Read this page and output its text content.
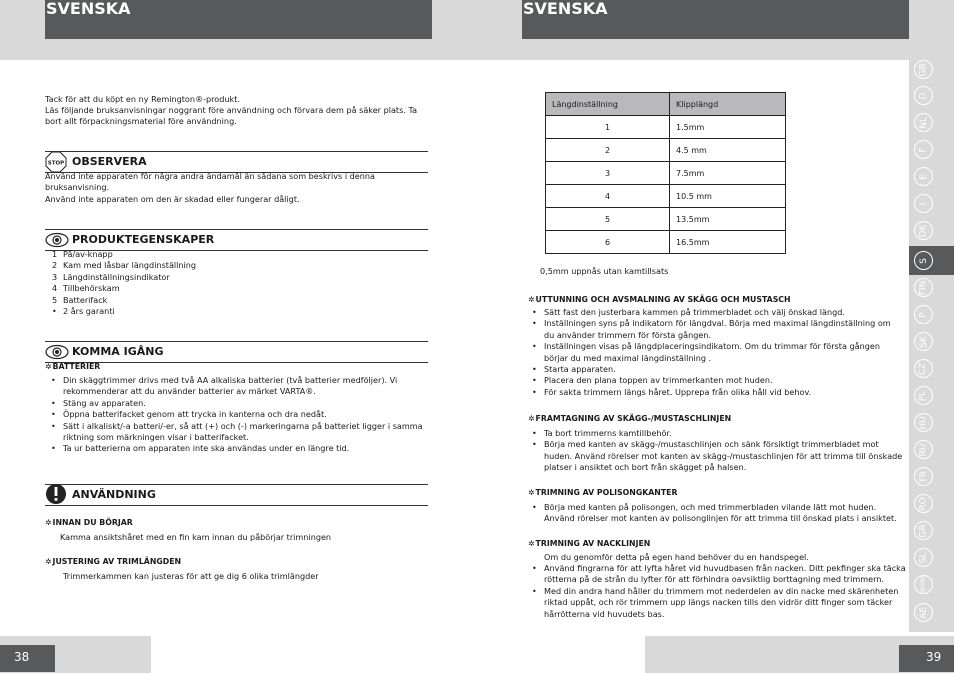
SVENSKA	SVENSKA
Tack för att du köpt en ny Remington®-produkt.
Läs följande bruksanvisningar noggrant före användning och förvara dem på säker plats. Ta
bort allt förpackningsmaterial före användning.
STOP OBSERVERA
Använd inte apparaten för några andra ändamål än sådana som beskrivs i denna
bruksanvisning.
Använd inte apparaten om den är skadad eller fungerar dåligt.
PRODUKTEGENSKAPER
1 På/av-knapp
2 Kam med låsbar längdinställning
3 Längdinställningsindikator
4 Tillbehörskam
5 Batterifack
• 2 års garanti
KOMMA IGÅNG
✲BATTERIER
• Din skäggtrimmer drivs med två AA alkaliska batterier (två batterier medföljer). Vi
rekommenderar att du använder batterier av märket VARTA®.
• Stäng av apparaten.
• Öppna batterifacket genom att trycka in kanterna och dra nedåt.
• Sätt i alkaliskt/-a batteri/-er, så att (+) och (-) markeringarna på batteriet ligger i samma
riktning som märkningen visar i batterifacket.
• Ta ur batterierna om apparaten inte ska användas under en längre tid.
ANVÄNDNING
✲INNAN DU BÖRJAR
Kamma ansiktshåret med en fin kam innan du påbörjar trimningen
✲JUSTERING AV TRIMLÄNGDEN
Trimmerkammen kan justeras för att ge dig 6 olika trimlängder
Längdinställning	Klipplängd
1	1.5mm
2	4.5 mm
3	7.5mm
4	10.5 mm
5	13.5mm
6	16.5mm
0,5mm uppnås utan kamtillsats
✲UTTUNNING OCH AVSMALNING AV SKÄGG OCH MUSTASCH
• Sätt fast den justerbara kammen på trimmerbladet och välj önskad längd.
• Inställningen syns på indikatorn för längdval. Börja med maximal längdinställning om
du använder trimmern för första gången.
• Inställningen visas på längdplaceringsindikatorn. Om du trimmar för första gången
börjar du med maximal längdinställning .
• Starta apparaten.
• Placera den plana toppen av trimmerkanten mot huden.
• För sakta trimmern längs håret. Upprepa från olika håll vid behov.
✲FRAMTAGNING AV SKÄGG-/MUSTASCHLINJEN
• Ta bort trimmerns kamtillbehör.
• Börja med kanten av skägg-/mustaschlinjen och sänk försiktigt trimmerbladet mot
huden. Använd rörelser mot kanten av skägg-/mustaschlinjen för att trimma till önskade
platser i ansiktet och bort från skägget på halsen.
✲TRIMNING AV POLISONGKANTER
• Börja med kanten på polisongen, och med trimmerbladen vilande lätt mot huden.
Använd rörelser mot kanten av polisonglinjen för att trimma till önskad plats i ansiktet.
✲TRIMNING AV NACKLINJEN
Om du genomför detta på egen hand behöver du en handspegel.
• Använd fingrarna för att lyfta håret vid huvudbasen från nacken. Ditt pekfinger ska täcka
rötterna på de strån du lyfter för att förhindra oavsiktlig borttagning med trimmern.
• Med din andra hand håller du trimmern mot nederdelen av din nacke med skärenheten
riktad uppåt, och rör trimmern upp längs nacken tills den vidrör ditt finger som täcker
hårrötterna vid huvudets bas.
GB
D
NL
F
E
I
DK
S
FIN
P
SK
CZ
PL
HU
RU
TR
RO
GR
SL
HR/SRB
AE
38	39
